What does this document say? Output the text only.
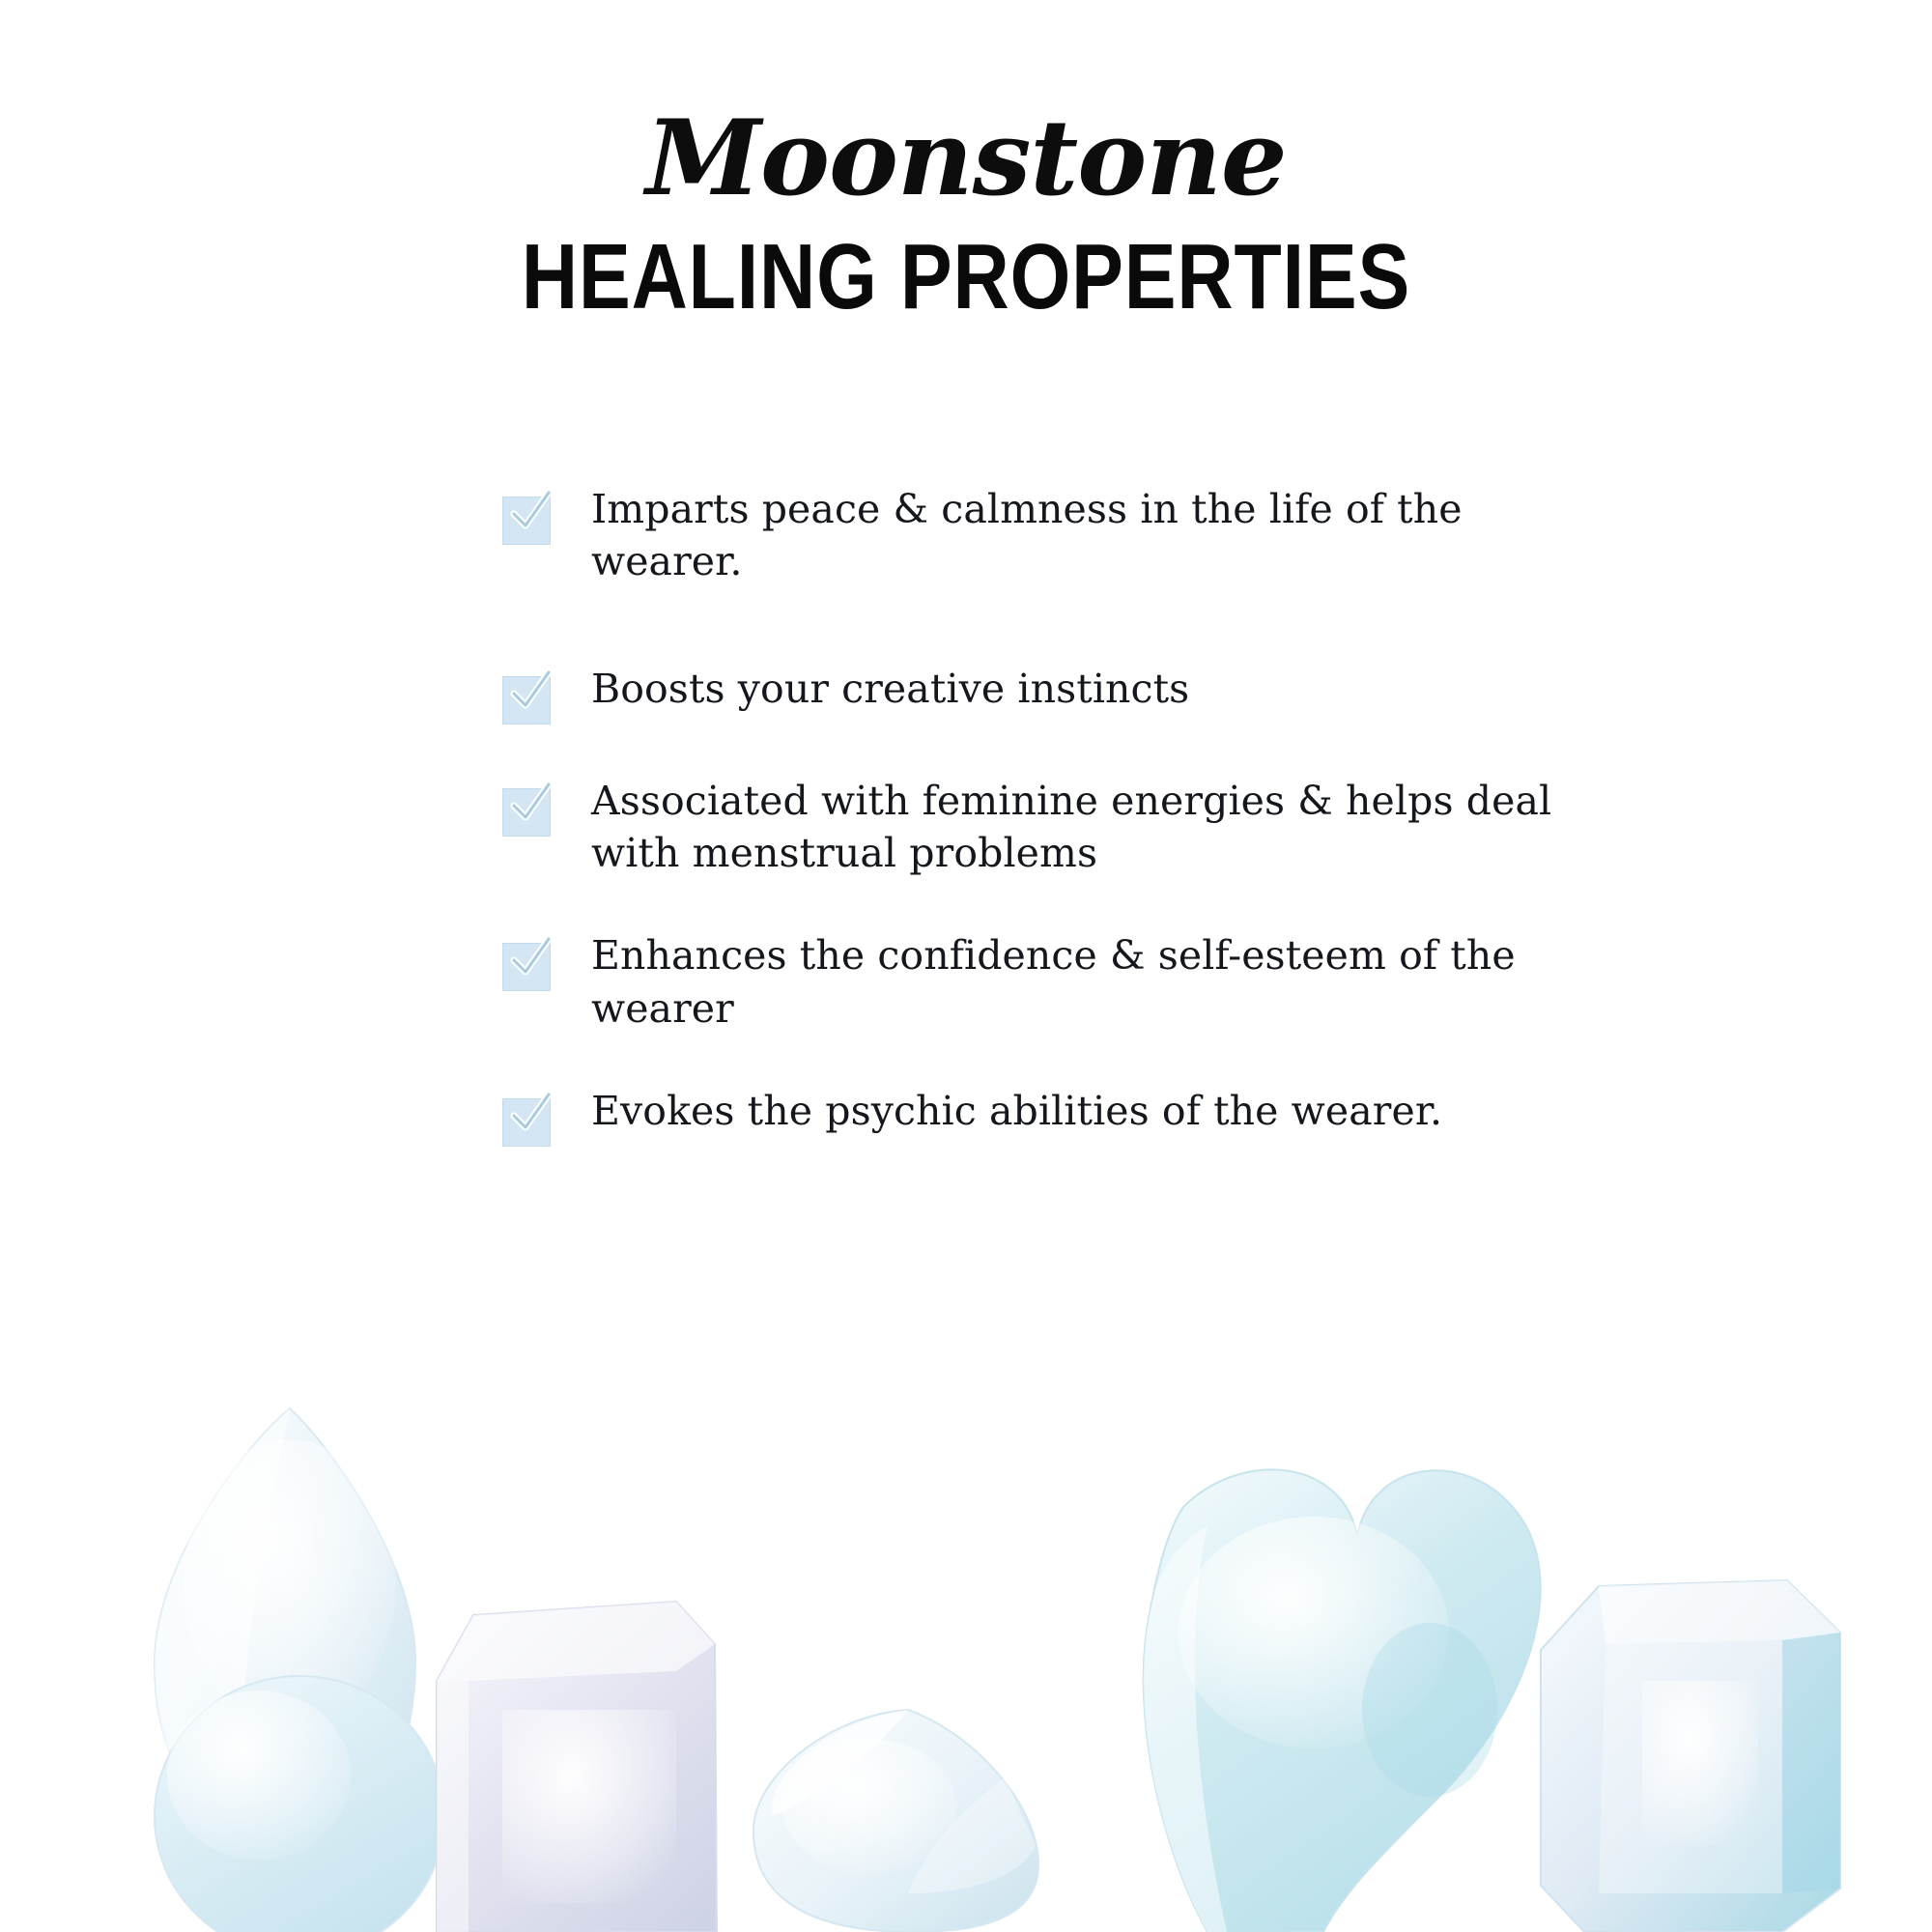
Moonstone
HEALING PROPERTIES
Imparts peace & calmness in the life of the wearer.
Boosts your creative instincts
Associated with feminine energies & helps deal with menstrual problems
Enhances the confidence & self-esteem of the wearer
Evokes the psychic abilities of the wearer.
